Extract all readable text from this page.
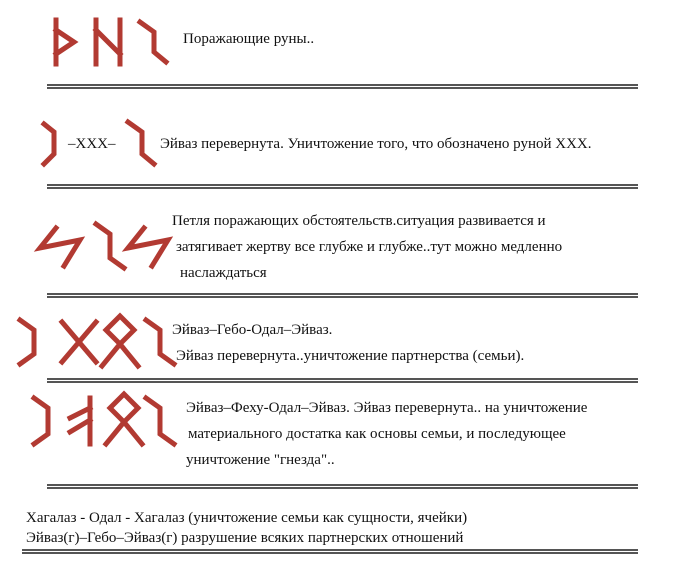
Поражающие руны..
–XXX–	Эйваз перевернута. Уничтожение того, что обозначено руной XXX.
Петля поражающих обстоятельств.ситуация развивается и
затягивает жертву все глубже и глубже..тут можно медленно
наслаждаться
Эйваз–Гебо-Одал–Эйваз.
Эйваз перевернута..уничтожение партнерства (семьи).
Эйваз–Феху-Одал–Эйваз. Эйваз перевернута.. на уничтожение
материального достатка как основы семьи, и последующее
уничтожение "гнезда"..
Хагалаз - Одал - Хагалаз (уничтожение семьи как сущности, ячейки)
Эйваз(г)–Гебо–Эйваз(г) разрушение всяких партнерских отношений
